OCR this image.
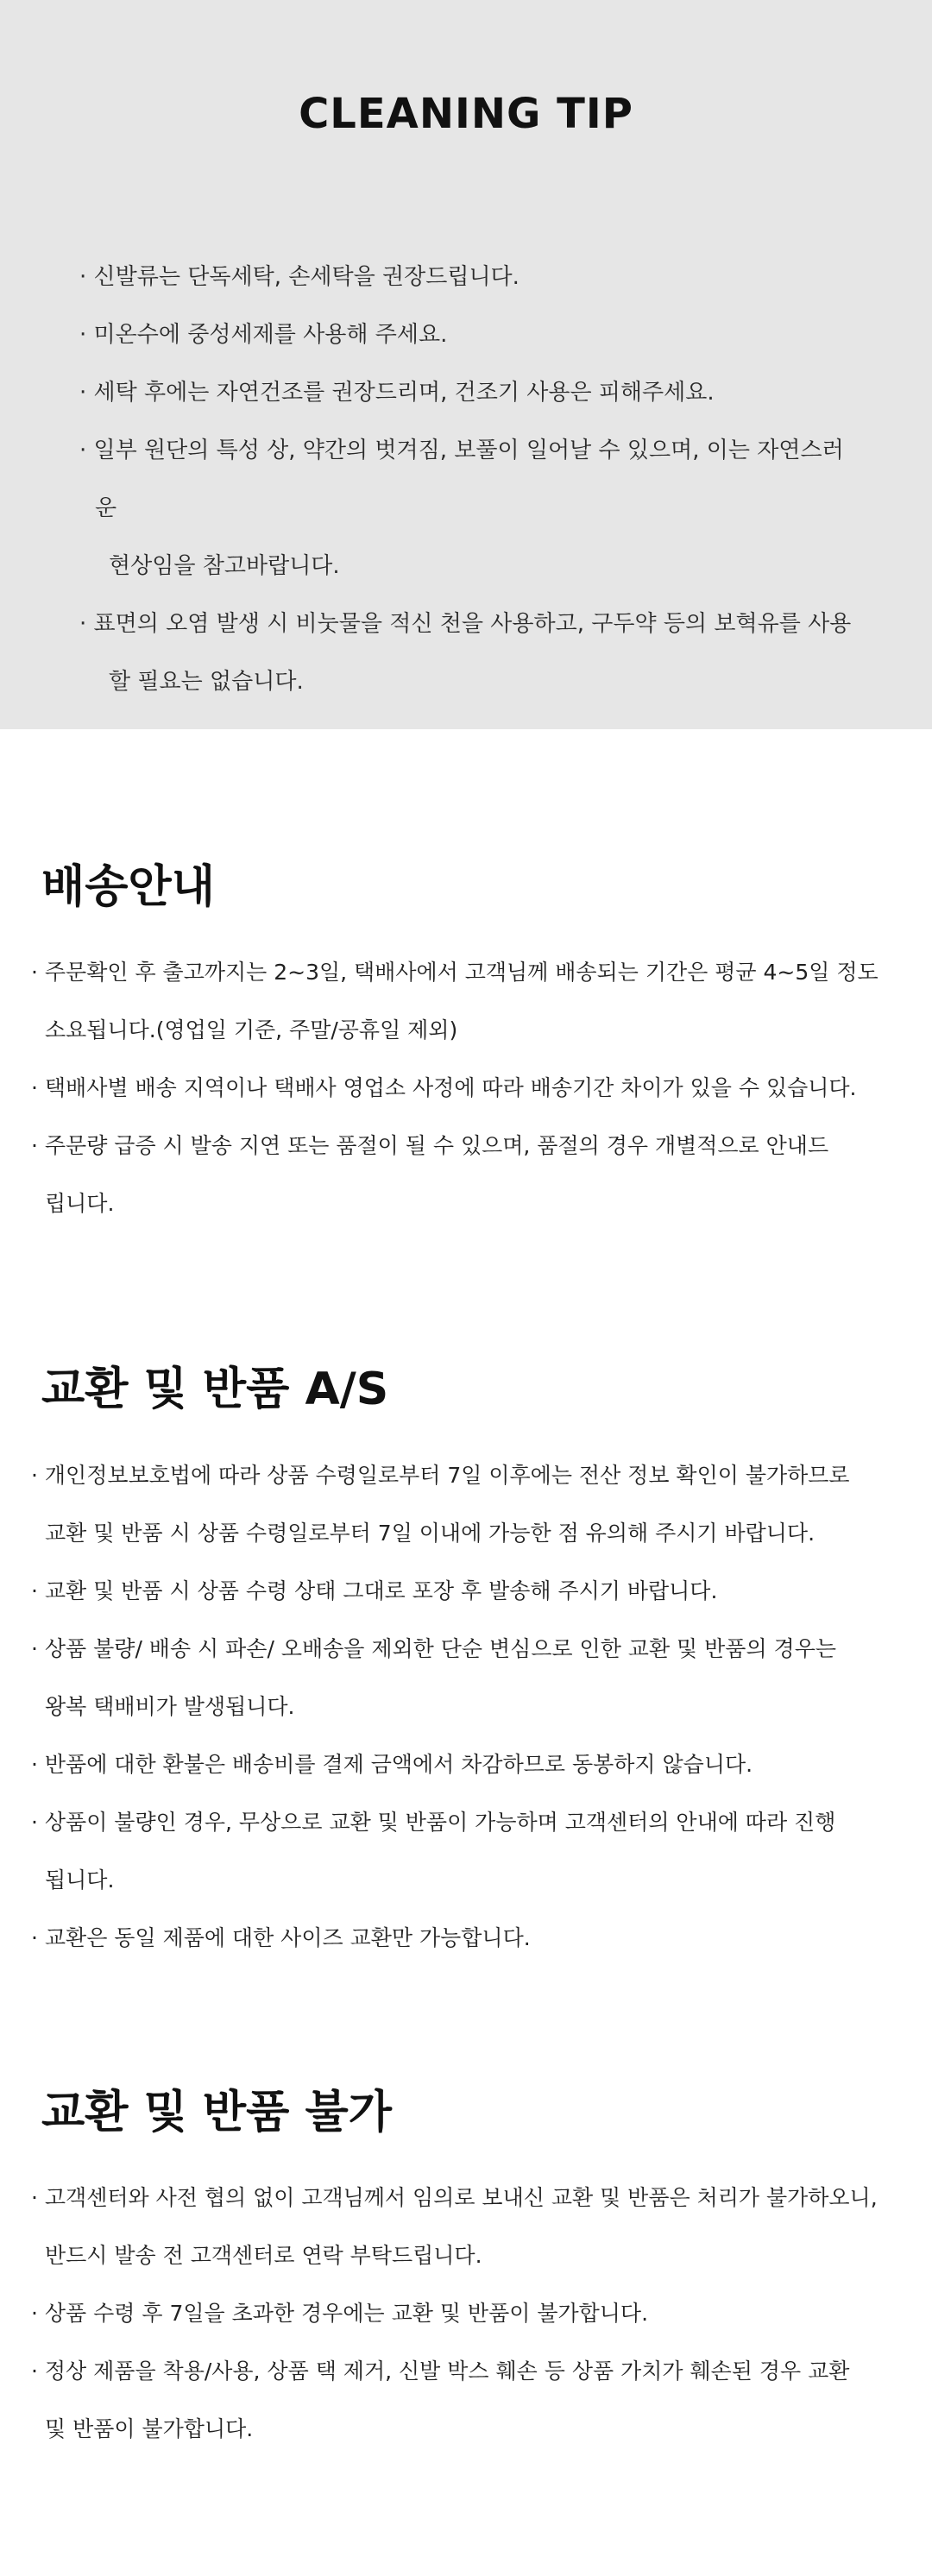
CLEANING TIP
· 신발류는 단독세탁, 손세탁을 권장드립니다.
· 미온수에 중성세제를 사용해 주세요.
· 세탁 후에는 자연건조를 권장드리며, 건조기 사용은 피해주세요.
· 일부 원단의 특성 상, 약간의 벗겨짐, 보풀이 일어날 수 있으며, 이는 자연스러운
현상임을 참고바랍니다.
· 표면의 오염 발생 시 비눗물을 적신 천을 사용하고, 구두약 등의 보혁유를 사용
할 필요는 없습니다.
배송안내
· 주문확인 후 출고까지는 2~3일, 택배사에서 고객님께 배송되는 기간은 평균 4~5일 정도
소요됩니다.(영업일 기준, 주말/공휴일 제외)
· 택배사별 배송 지역이나 택배사 영업소 사정에 따라 배송기간 차이가 있을 수 있습니다.
· 주문량 급증 시 발송 지연 또는 품절이 될 수 있으며, 품절의 경우 개별적으로 안내드
립니다.
교환 및 반품 A/S
· 개인정보보호법에 따라 상품 수령일로부터 7일 이후에는 전산 정보 확인이 불가하므로
교환 및 반품 시 상품 수령일로부터 7일 이내에 가능한 점 유의해 주시기 바랍니다.
· 교환 및 반품 시 상품 수령 상태 그대로 포장 후 발송해 주시기 바랍니다.
· 상품 불량/ 배송 시 파손/ 오배송을 제외한 단순 변심으로 인한 교환 및 반품의 경우는
왕복 택배비가 발생됩니다.
· 반품에 대한 환불은 배송비를 결제 금액에서 차감하므로 동봉하지 않습니다.
· 상품이 불량인 경우, 무상으로 교환 및 반품이 가능하며 고객센터의 안내에 따라 진행
됩니다.
· 교환은 동일 제품에 대한 사이즈 교환만 가능합니다.
교환 및 반품 불가
· 고객센터와 사전 협의 없이 고객님께서 임의로 보내신 교환 및 반품은 처리가 불가하오니,
반드시 발송 전 고객센터로 연락 부탁드립니다.
· 상품 수령 후 7일을 초과한 경우에는 교환 및 반품이 불가합니다.
· 정상 제품을 착용/사용, 상품 택 제거, 신발 박스 훼손 등 상품 가치가 훼손된 경우 교환
및 반품이 불가합니다.
